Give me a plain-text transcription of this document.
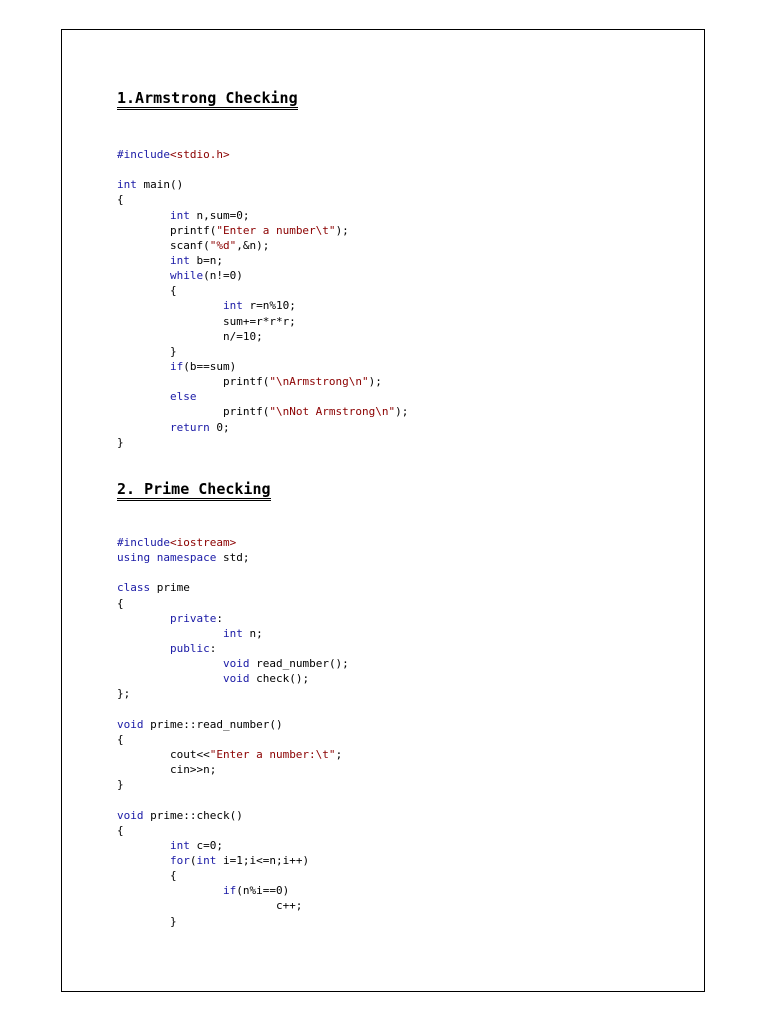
1.Armstrong Checking
#include<stdio.h>
int main()
{
int n,sum=0;
printf("Enter a number\t");
scanf("%d",&n);
int b=n;
while(n!=0)
{
int r=n%10;
sum+=r*r*r;
n/=10;
}
if(b==sum)
printf("\nArmstrong\n");
else
printf("\nNot Armstrong\n");
return 0;
}
2. Prime Checking
#include<iostream>
using namespace std;
class prime
{
private:
int n;
public:
void read_number();
void check();
};
void prime::read_number()
{
cout<<"Enter a number:\t";
cin>>n;
}
void prime::check()
{
int c=0;
for(int i=1;i<=n;i++)
{
if(n%i==0)
c++;
}
